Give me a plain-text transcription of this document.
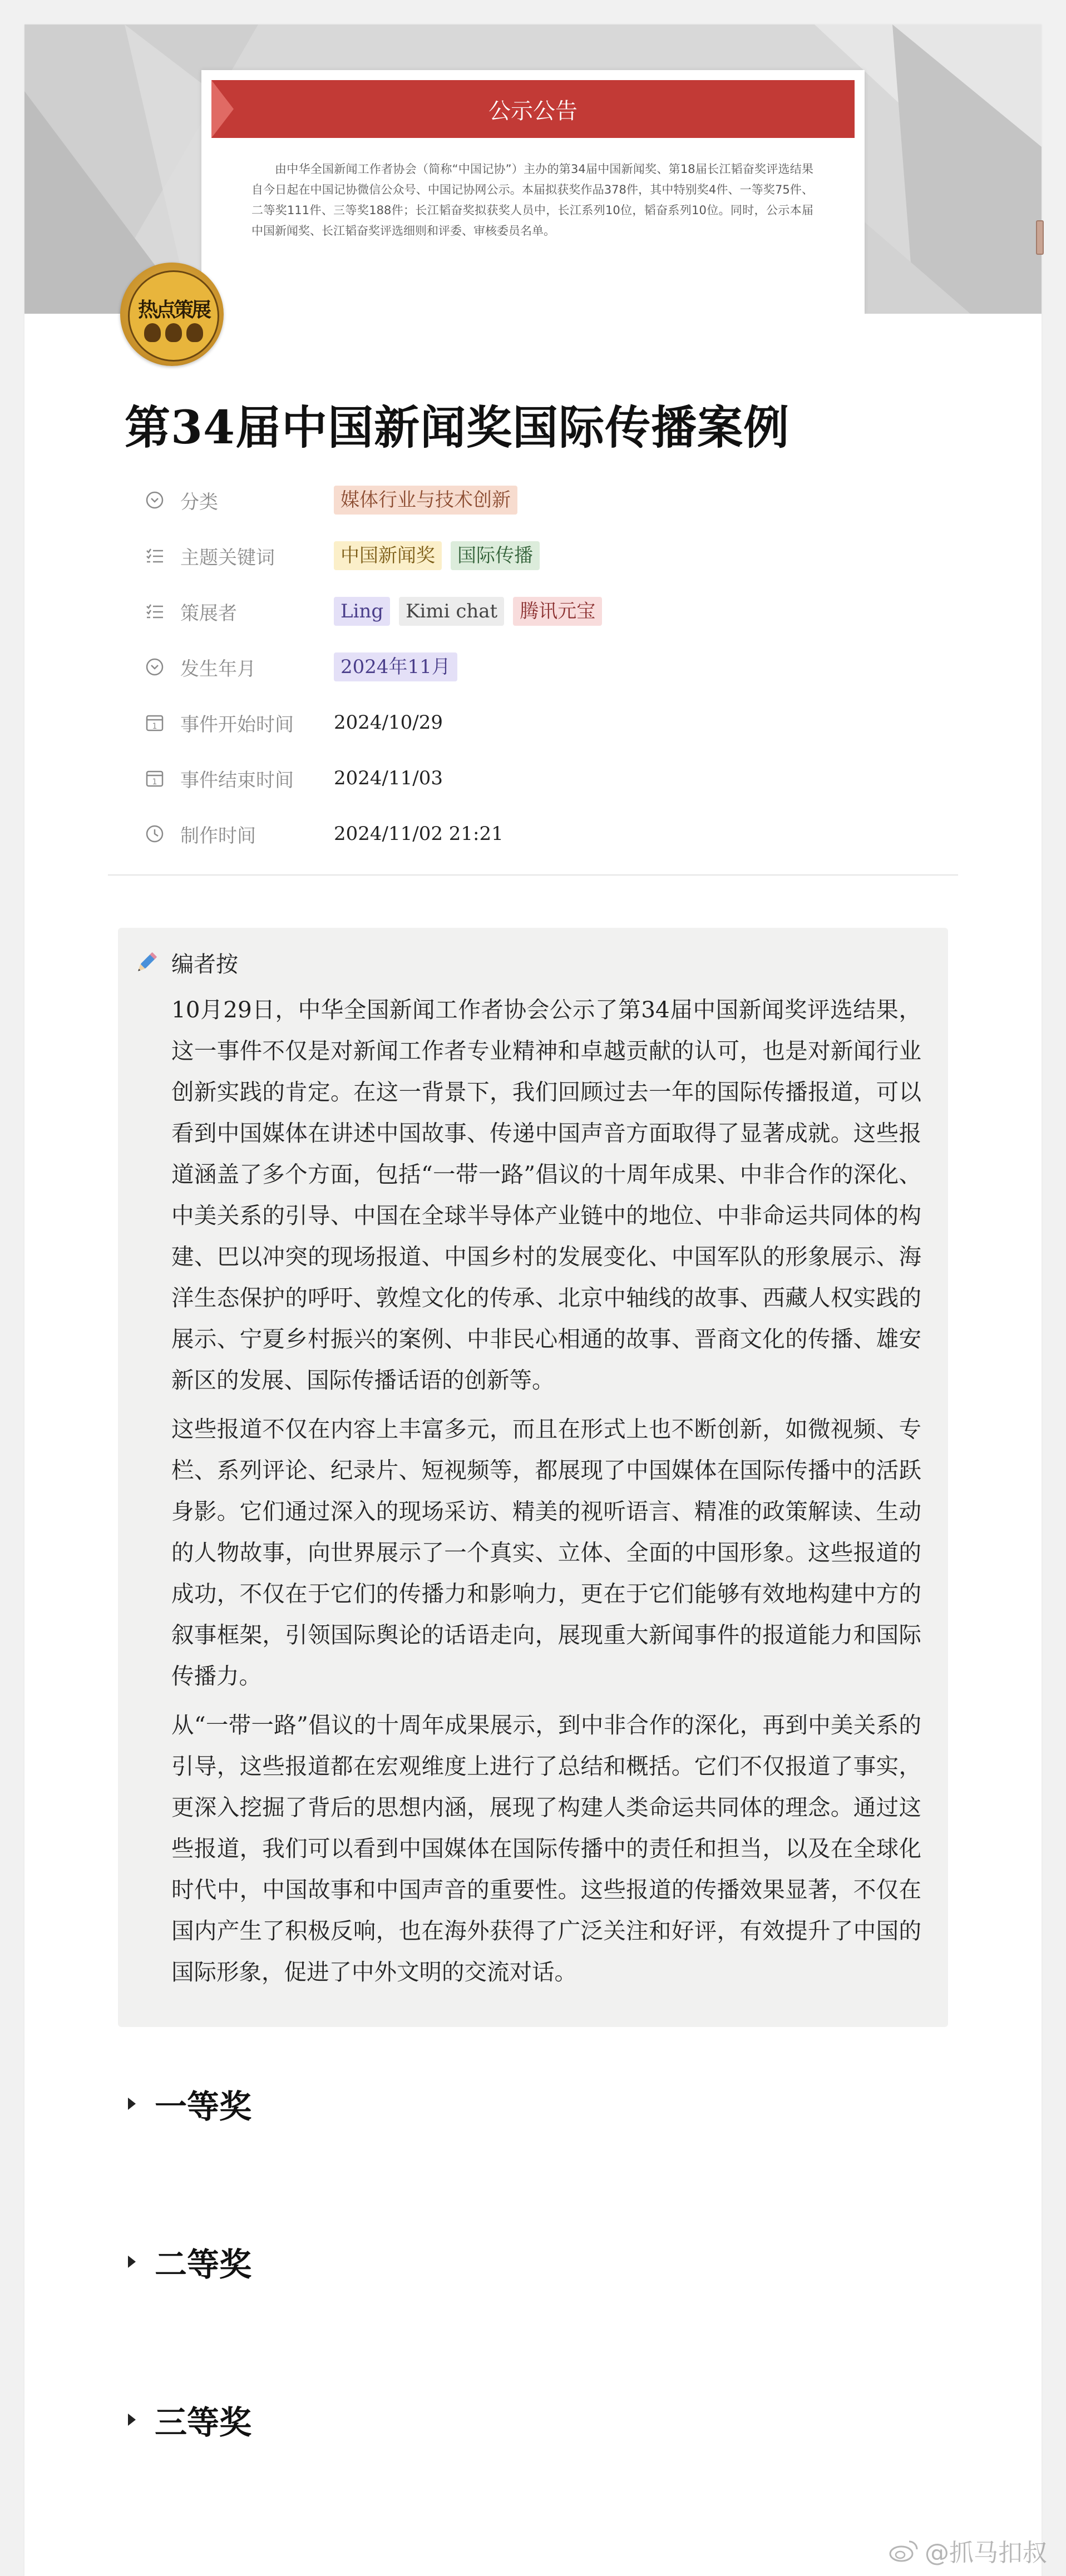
公示公告
由中华全国新闻工作者协会（简称“中国记协”）主办的第34届中国新闻奖、第18届长江韬奋奖评选结果自今日起在中国记协微信公众号、中国记协网公示。本届拟获奖作品378件，其中特别奖4件、一等奖75件、二等奖111件、三等奖188件；长江韬奋奖拟获奖人员中，长江系列10位，韬奋系列10位。同时，公示本届中国新闻奖、长江韬奋奖评选细则和评委、审核委员名单。
热点策展
第34届中国新闻奖国际传播案例
分类	媒体行业与技术创新
主题关键词	中国新闻奖	国际传播
策展者	Ling	Kimi chat	腾讯元宝
发生年月	2024年11月
1 事件开始时间 2024/10/29
1 事件结束时间 2024/11/03
制作时间	2024/11/02 21:21
编者按

10月29日，中华全国新闻工作者协会公示了第34届中国新闻奖评选结果，这一事件不仅是对新闻工作者专业精神和卓越贡献的认可，也是对新闻行业创新实践的肯定。在这一背景下，我们回顾过去一年的国际传播报道，可以看到中国媒体在讲述中国故事、传递中国声音方面取得了显著成就。这些报道涵盖了多个方面，包括“一带一路”倡议的十周年成果、中非合作的深化、中美关系的引导、中国在全球半导体产业链中的地位、中非命运共同体的构建、巴以冲突的现场报道、中国乡村的发展变化、中国军队的形象展示、海洋生态保护的呼吁、敦煌文化的传承、北京中轴线的故事、西藏人权实践的展示、宁夏乡村振兴的案例、中非民心相通的故事、晋商文化的传播、雄安新区的发展、国际传播话语的创新等。

这些报道不仅在内容上丰富多元，而且在形式上也不断创新，如微视频、专栏、系列评论、纪录片、短视频等，都展现了中国媒体在国际传播中的活跃身影。它们通过深入的现场采访、精美的视听语言、精准的政策解读、生动的人物故事，向世界展示了一个真实、立体、全面的中国形象。这些报道的成功，不仅在于它们的传播力和影响力，更在于它们能够有效地构建中方的叙事框架，引领国际舆论的话语走向，展现重大新闻事件的报道能力和国际传播力。

从“一带一路”倡议的十周年成果展示，到中非合作的深化，再到中美关系的引导，这些报道都在宏观维度上进行了总结和概括。它们不仅报道了事实，更深入挖掘了背后的思想内涵，展现了构建人类命运共同体的理念。通过这些报道，我们可以看到中国媒体在国际传播中的责任和担当，以及在全球化时代中，中国故事和中国声音的重要性。这些报道的传播效果显著，不仅在国内产生了积极反响，也在海外获得了广泛关注和好评，有效提升了中国的国际形象，促进了中外文明的交流对话。

一等奖
二等奖
三等奖
@抓马扣叔
